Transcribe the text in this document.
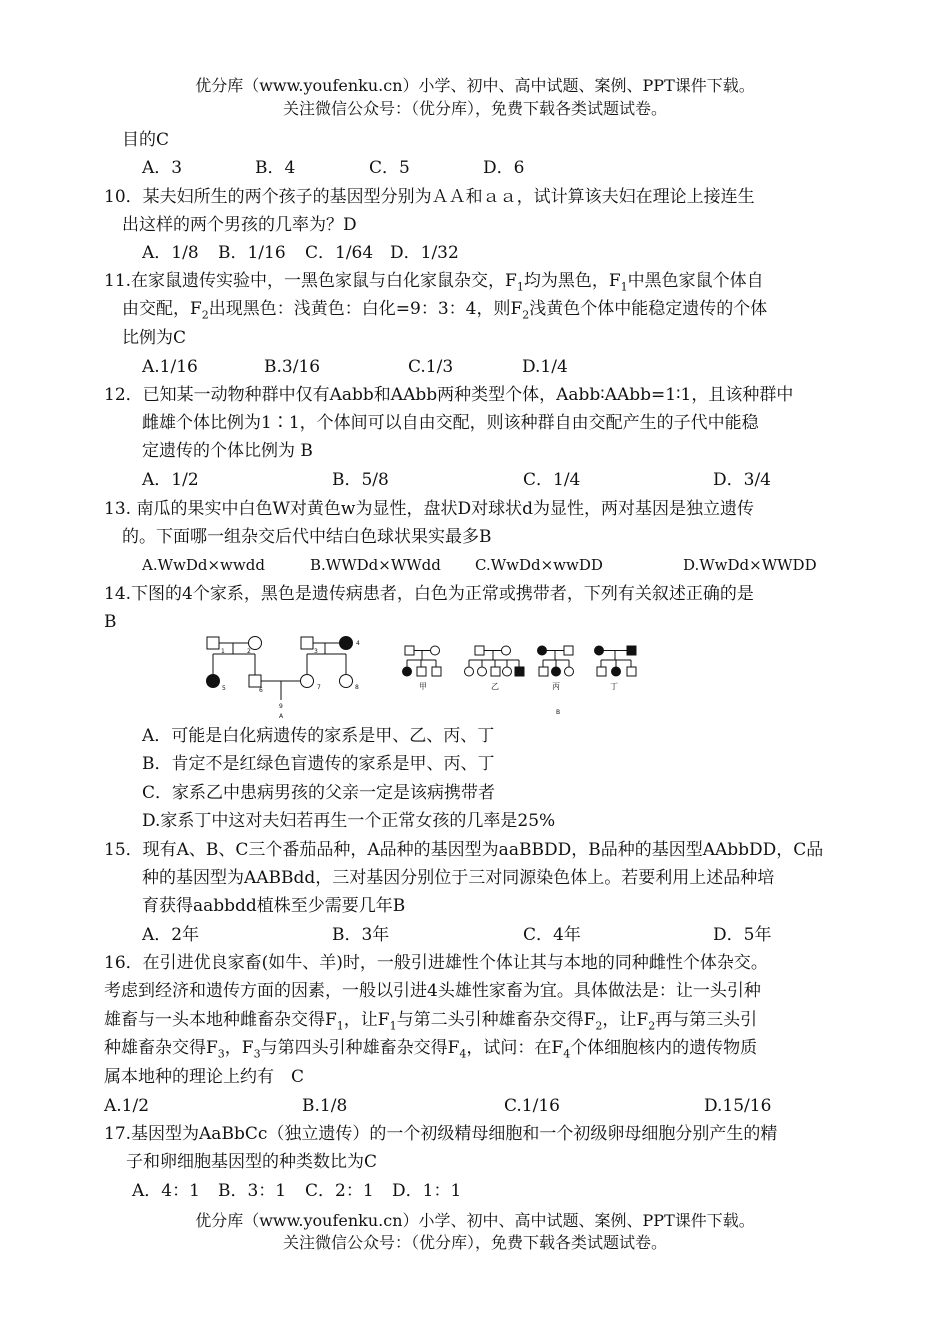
优分库（www.youfenku.cn）小学、初中、高中试题、案例、PPT课件下载。
关注微信公众号：（优分库），免费下载各类试题试卷。
目的C
A．3	B．4	C．5	D．6
10．某夫妇所生的两个孩子的基因型分别为ＡＡ和ａａ，试计算该夫妇在理论上接连生
出这样的两个男孩的几率为？D
A．1/8 B．1/16 C．1/64 D．1/32
11.在家鼠遗传实验中，一黑色家鼠与白化家鼠杂交，$F_1$均为黑色，$F_1$中黑色家鼠个体自
由交配，$F_2$出现黑色：浅黄色：白化=9：3：4，则$F_2$浅黄色个体中能稳定遗传的个体
比例为C
A.1/16	B.3/16	C.1/3	D.1/4
12．已知某一动物种群中仅有Aabb和AAbb两种类型个体，Aabb∶AAbb=1∶1，且该种群中
雌雄个体比例为1∶1，个体间可以自由交配，则该种群自由交配产生的子代中能稳
定遗传的个体比例为 B
A．1/2	B．5/8	C．1/4	D．3/4
13. 南瓜的果实中白色W对黄色w为显性，盘状D对球状d为显性，两对基因是独立遗传
的。下面哪一组杂交后代中结白色球状果实最多B
A.WwDd×wwdd	B.WWDd×WWdd C.WwDd×wwDD	D.WwDd×WWDD
14.下图的4个家系，黑色是遗传病患者，白色为正常或携带者，下列有关叙述正确的是
B
1	2	3
4
5	6	7	8
9
A
甲	乙	丙	丁
B
A．可能是白化病遗传的家系是甲、乙、丙、丁
B．肯定不是红绿色盲遗传的家系是甲、丙、丁
C．家系乙中患病男孩的父亲一定是该病携带者
D.家系丁中这对夫妇若再生一个正常女孩的几率是25%
15．现有A、B、C三个番茄品种，A品种的基因型为aaBBDD，B品种的基因型AAbbDD，C品
种的基因型为AABBdd，三对基因分别位于三对同源染色体上。若要利用上述品种培
育获得aabbdd植株至少需要几年B
A．2年	B．3年	C．4年	D．5年
16．在引进优良家畜(如牛、羊)时，一般引进雄性个体让其与本地的同种雌性个体杂交。
考虑到经济和遗传方面的因素，一般以引进4头雄性家畜为宜。具体做法是：让一头引种
雄畜与一头本地种雌畜杂交得$F_1$，让$F_1$与第二头引种雄畜杂交得$F_2$，让$F_2$再与第三头引
种雄畜杂交得$F_3$，$F_3$与第四头引种雄畜杂交得$F_4$，试问：在$F_4$个体细胞核内的遗传物质
属本地种的理论上约有　C
A.1/2	B.1/8	C.1/16	D.15/16
17.基因型为AaBbCc（独立遗传）的一个初级精母细胞和一个初级卵母细胞分别产生的精
子和卵细胞基因型的种类数比为C
A．4：1 B．3：1 C．2：1 D．1：1
优分库（www.youfenku.cn）小学、初中、高中试题、案例、PPT课件下载。
关注微信公众号：（优分库），免费下载各类试题试卷。
